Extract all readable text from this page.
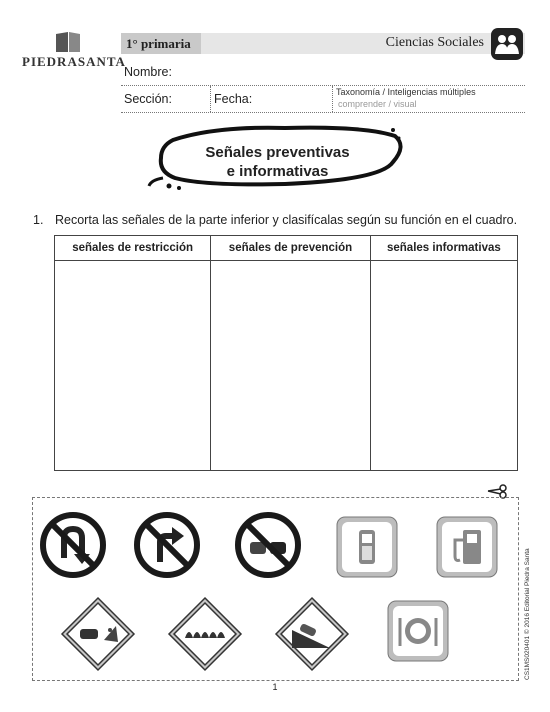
PIEDRASANTA
1° primaria	Ciencias Sociales
Nombre:
Sección:	Fecha:	Taxonomía / Inteligencias múltiples
comprender / visual
Señales preventivas
e informativas
1. Recorta las señales de la parte inferior y clasifícalas según su función en el cuadro.
señales de restricción	señales de prevención	señales informativas

CS1MS020401 © 2016 Editorial Piedra Santa
1
